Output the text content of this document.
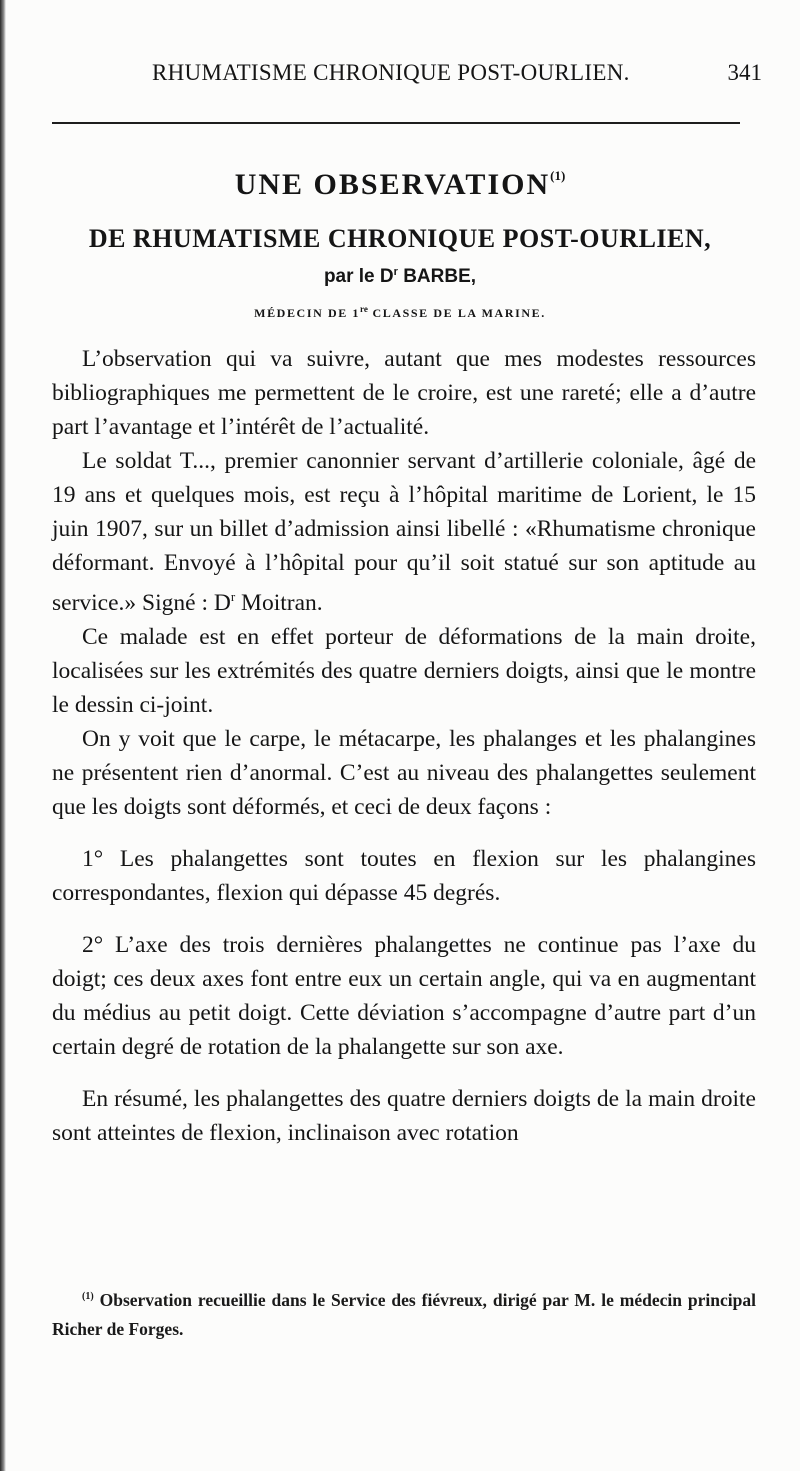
RHUMATISME CHRONIQUE POST-OURLIEN.	341
UNE OBSERVATION$^{(1)}$
DE RHUMATISME CHRONIQUE POST-OURLIEN,
par le $D^r$ BARBE,
MÉDECIN DE 1re CLASSE DE LA MARINE.

L’observation qui va suivre, autant que mes modestes ressources bibliographiques me permettent de le croire, est une rareté; elle a d’autre part l’avantage et l’intérêt de l’actualité.

Le soldat T..., premier canonnier servant d’artillerie coloniale, âgé de 19 ans et quelques mois, est reçu à l’hôpital maritime de Lorient, le 15 juin 1907, sur un billet d’admission ainsi libellé : «Rhumatisme chronique déformant. Envoyé à l’hôpital pour qu’il soit statué sur son aptitude au service.» Signé : $D^r$ Moitran.

Ce malade est en effet porteur de déformations de la main droite, localisées sur les extrémités des quatre derniers doigts, ainsi que le montre le dessin ci-joint.

On y voit que le carpe, le métacarpe, les phalanges et les phalangines ne présentent rien d’anormal. C’est au niveau des phalangettes seulement que les doigts sont déformés, et ceci de deux façons :

1° Les phalangettes sont toutes en flexion sur les phalangines correspondantes, flexion qui dépasse 45 degrés.

2° L’axe des trois dernières phalangettes ne continue pas l’axe du doigt; ces deux axes font entre eux un certain angle, qui va en augmentant du médius au petit doigt. Cette déviation s’accompagne d’autre part d’un certain degré de rotation de la phalangette sur son axe.

En résumé, les phalangettes des quatre derniers doigts de la main droite sont atteintes de flexion, inclinaison avec rotation

$^{(1)}$ Observation recueillie dans le Service des fiévreux, dirigé par M. le médecin principal Richer de Forges.
